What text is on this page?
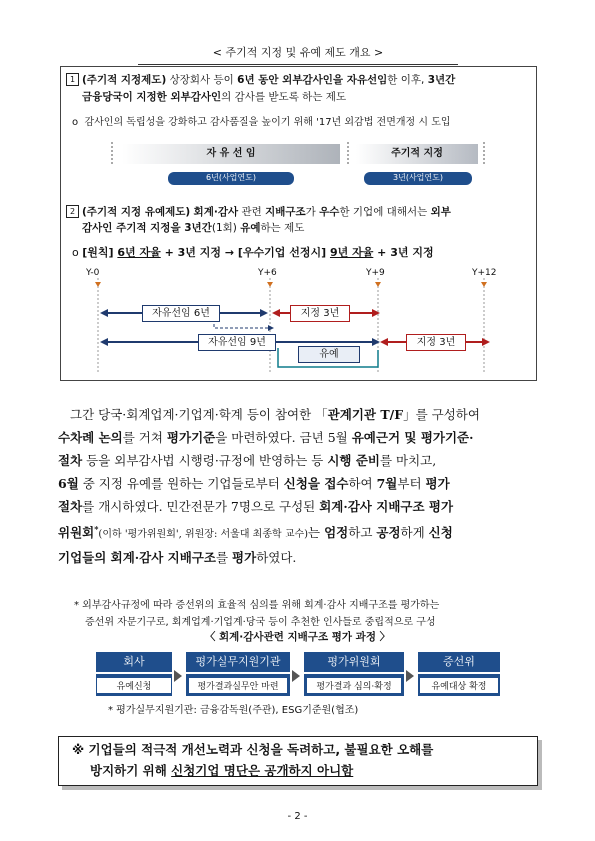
< 주기적 지정 및 유예 제도 개요 >
1 (주기적 지정제도) 상장회사 등이 6년 동안 외부감사인을 자유선임한 이후, 3년간
금융당국이 지정한 외부감사인의 감사를 받도록 하는 제도
o 감사인의 독립성을 강화하고 감사품질을 높이기 위해 '17년 외감법 전면개정 시 도입
자 유 선 임	주기적 지정
6년(사업연도)	3년(사업연도)
2 (주기적 지정 유예제도) 회계·감사 관련 지배구조가 우수한 기업에 대해서는 외부
감사인 주기적 지정을 3년간(1회) 유예하는 제도
o [원칙] 6년 자율 + 3년 지정 → [우수기업 선정시] 9년 자율 + 3년 지정
Y-0	Y+6	Y+9	Y+12
자유선임 6년	지정 3년
자유선임 9년
유예
지정 3년
그간 당국·회계업계·기업계·학계 등이 참여한 「관계기관 T/F」를 구성하여
수차례 논의를 거쳐 평가기준을 마련하였다. 금년 5월 유예근거 및 평가기준·
절차 등을 외부감사법 시행령·규정에 반영하는 등 시행 준비를 마치고,
6월 중 지정 유예를 원하는 기업들로부터 신청을 접수하여 7월부터 평가
절차를 개시하였다. 민간전문가 7명으로 구성된 회계·감사 지배구조 평가
위원회*(이하 '평가위원회', 위원장: 서울대 최종학 교수)는 엄정하고 공정하게 신청
기업들의 회계·감사 지배구조를 평가하였다.
* 외부감사규정에 따라 증선위의 효율적 심의를 위해 회계·감사 지배구조를 평가하는
증선위 자문기구로, 회계업계·기업계·당국 등이 추천한 인사들로 중립적으로 구성
〈 회계·감사관련 지배구조 평가 과정 〉
회사
유예신청
평가실무지원기관
평가결과실무안 마련
평가위원회
평가결과 심의·확정
증선위
유예대상 확정
* 평가실무지원기관: 금융감독원(주관), ESG기준원(협조)
※ 기업들의 적극적 개선노력과 신청을 독려하고, 불필요한 오해를
방지하기 위해 신청기업 명단은 공개하지 아니함
- 2 -
